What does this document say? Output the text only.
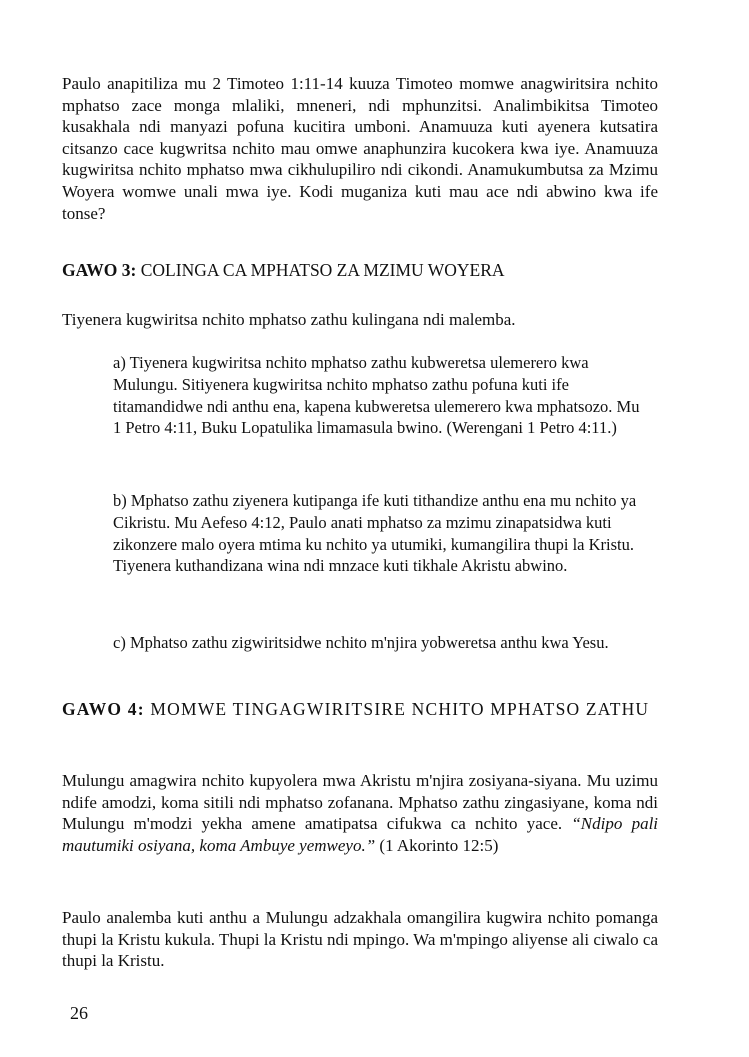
Paulo anapitiliza mu 2 Timoteo 1:11-14 kuuza Timoteo momwe anagwiritsira nchito mphatso zace monga mlaliki, mneneri, ndi mphunzitsi. Analimbikitsa Timoteo kusakhala ndi manyazi pofuna kucitira umboni. Anamuuza kuti ayenera kutsatira citsanzo cace kugwritsa nchito mau omwe anaphunzira kucokera kwa iye. Anamuuza kugwiritsa nchito mphatso mwa cikhulupiliro ndi cikondi. Anamukumbutsa za Mzimu Woyera womwe unali mwa iye. Kodi muganiza kuti mau ace ndi abwino kwa ife tonse?

GAWO 3: COLINGA CA MPHATSO ZA MZIMU WOYERA

Tiyenera kugwiritsa nchito mphatso zathu kulingana ndi malemba.

a) Tiyenera kugwiritsa nchito mphatso zathu kubweretsa ulemerero kwa Mulungu. Sitiyenera kugwiritsa nchito mphatso zathu pofuna kuti ife titamandidwe ndi anthu ena, kapena kubweretsa ulemerero kwa mphatsozo. Mu 1 Petro 4:11, Buku Lopatulika limamasula bwino. (Werengani 1 Petro 4:11.)

b) Mphatso zathu ziyenera kutipanga ife kuti tithandize anthu ena mu nchito ya Cikristu. Mu Aefeso 4:12, Paulo anati mphatso za mzimu zinapatsidwa kuti zikonzere malo oyera mtima ku nchito ya utumiki, kumangilira thupi la Kristu. Tiyenera kuthandizana wina ndi mnzace kuti tikhale Akristu abwino.

c) Mphatso zathu zigwiritsidwe nchito m'njira yobweretsa anthu kwa Yesu.

GAWO 4: MOMWE TINGAGWIRITSIRE NCHITO MPHATSO ZATHU

Mulungu amagwira nchito kupyolera mwa Akristu m'njira zosiyana-siyana. Mu uzimu ndife amodzi, koma sitili ndi mphatso zofanana. Mphatso zathu zingasiyane, koma ndi Mulungu m'modzi yekha amene amatipatsa cifukwa ca nchito yace. “Ndipo pali mautumiki osiyana, koma Ambuye yemweyo.” (1 Akorinto 12:5)

Paulo analemba kuti anthu a Mulungu adzakhala omangilira kugwira nchito pomanga thupi la Kristu kukula. Thupi la Kristu ndi mpingo. Wa m'mpingo aliyense ali ciwalo ca thupi la Kristu.

26
